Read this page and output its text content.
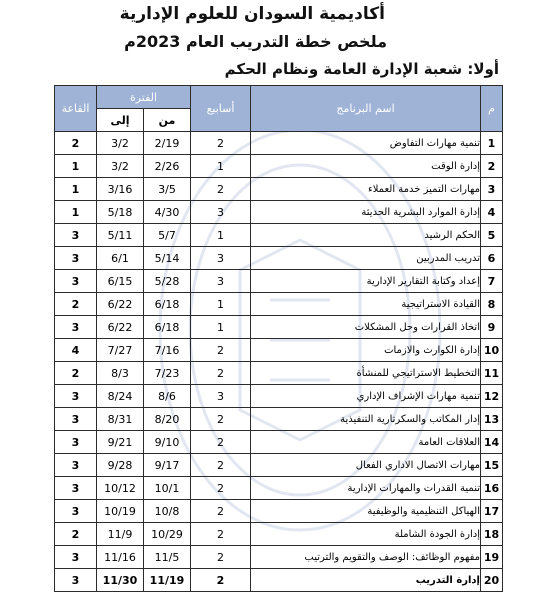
أكاديمية السودان للعلوم الإدارية
ملخص خطة التدريب العام 2023م
أولا: شعبة الإدارة العامة ونظام الحكم
م	اسم البرنامج	أسابيع	الفترة		القاعة
			من	إلى	
1	تنمية مهارات التفاوض	2	2/19	3/2	2
2	إدارة الوقت	1	2/26	3/2	1
3	مهارات التميز خدمة العملاء	2	3/5	3/16	1
4	إدارة الموارد البشرية الحديثة	3	4/30	5/18	1
5	الحكم الرشيد	1	5/7	5/11	3
6	تدريب المدربين	3	5/14	6/1	3
7	إعداد وكتابة التقارير الإدارية	3	5/28	6/15	3
8	القيادة الاستراتيجية	1	6/18	6/22	2
9	اتخاذ القرارات وحل المشكلات	1	6/18	6/22	3
10	إدارة الكوارث والازمات	2	7/16	7/27	4
11	التخطيط الاستراتيجي للمنشأة	2	7/23	8/3	2
12	تنمية مهارات الإشراف الإداري	3	8/6	8/24	3
13	إدار المكاتب والسكرتارية التنفيذية	2	8/20	8/31	3
14	العلاقات العامة	2	9/10	9/21	3
15	مهارات الاتصال الاداري الفعال	2	9/17	9/28	3
16	تنمية القدرات والمهارات الإدارية	2	10/1	10/12	3
17	الهياكل التنظيمية والوظيفية	2	10/8	10/19	3
18	إدارة الجودة الشاملة	2	10/29	11/9	2
19	مفهوم الوظائف: الوصف والتقويم والترتيب	2	11/5	11/16	3
20	إدارة التدريب	2	11/19	11/30	3
